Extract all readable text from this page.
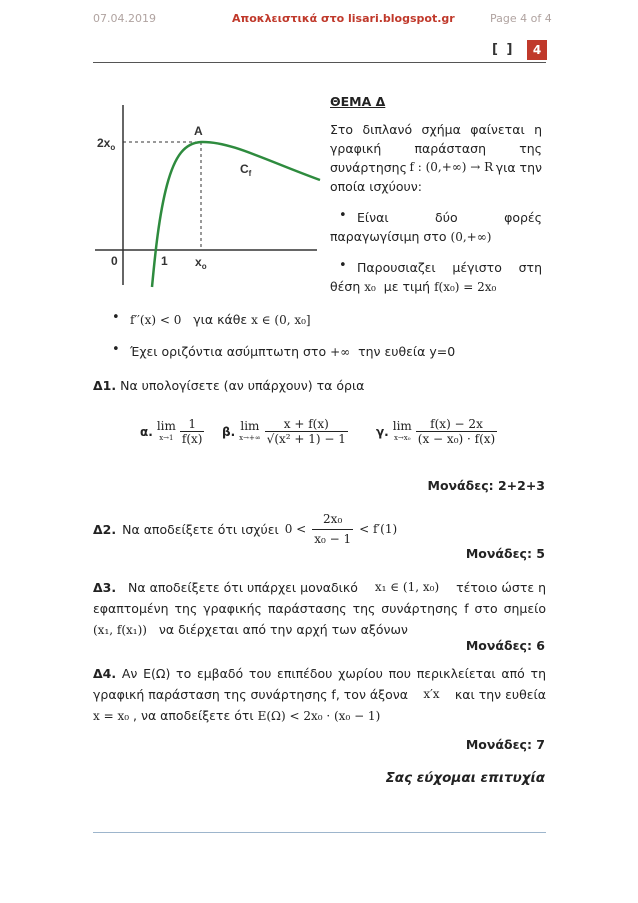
07.04.2019	Αποκλειστικά στο lisari.blogspot.gr	Page 4 of 4
[ ]	4
$2x_o$
A
$C_f$
0	1 $x_o$
ΘΕΜΑ Δ
Στο διπλανό σχήμα φαίνεται η
γραφική παράσταση της
συνάρτησης f : (0,+∞) → R για την
οποία ισχύουν:
• Είναι δύο φορές
παραγωγίσιμη στο (0,+∞)
• Παρουσιαζει μέγιστο στη
θέση x₀ με τιμή f(x₀) = 2x₀
• f′′(x) < 0 για κάθε x ∈ (0, x₀]
• Έχει οριζόντια ασύμπτωτη στο +∞ την ευθεία y=0
Δ1. Να υπολογίσετε (αν υπάρχουν) τα όρια
α. lim
$x\to 1 \frac{1}{f(x)} \beta$. lim
$x\to+\infty \frac{x + f(x)}{\text{√(x² + 1) − 1}} \gamma$. lim
$x\to x_0 \frac{f(x) - 2x}{\text{(x − x₀) · f(x)}}$
Μονάδες: 2+2+3
Δ2. Να αποδείξετε ότι ισχύει $0 < \frac{\text{2x₀}}{\text{x₀ − 1}} < f'(1)$
Μονάδες: 5
Δ3. Να αποδείξετε ότι υπάρχει μοναδικό x₁ ∈ (1, x₀) τέτοιο ώστε η
εφαπτομένη της γραφικής παράστασης της συνάρτησης f στο σημείο
(x₁, f(x₁)) να διέρχεται από την αρχή των αξόνων
Μονάδες: 6
Δ4. Αν Ε(Ω) το εμβαδό του επιπέδου χωρίου που περικλείεται από τη
γραφική παράσταση της συνάρτησης f, τον άξονα x′x και την ευθεία
x = x₀ , να αποδείξετε ότι E(Ω) < 2x₀ · (x₀ − 1)
Μονάδες: 7
Σας εύχομαι επιτυχία
